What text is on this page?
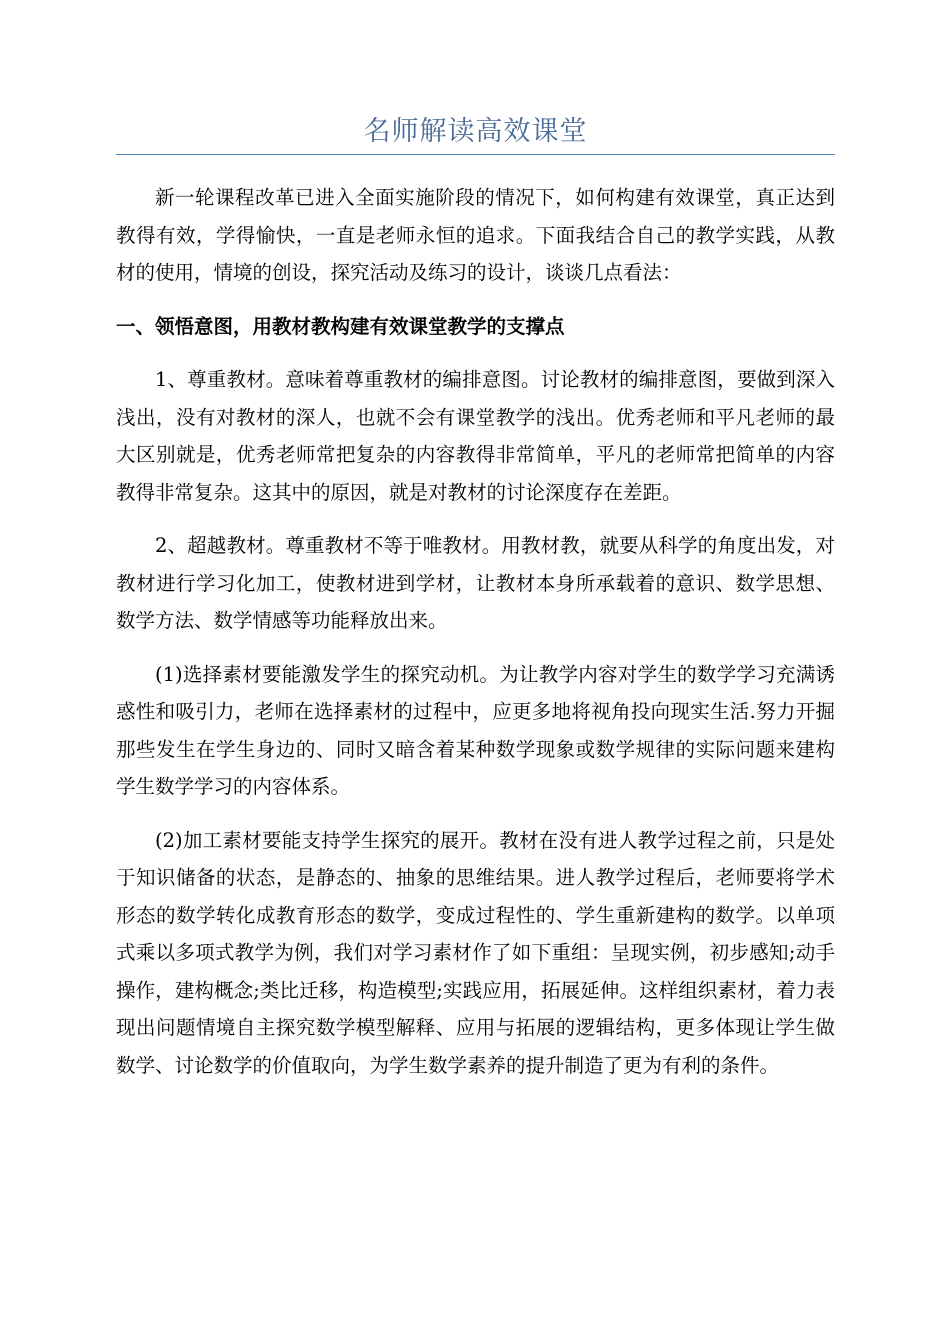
名师解读高效课堂

新一轮课程改革已进入全面实施阶段的情况下，如何构建有效课堂，真正达到教得有效，学得愉快，一直是老师永恒的追求。下面我结合自己的教学实践，从教材的使用，情境的创设，探究活动及练习的设计，谈谈几点看法：

一、领悟意图，用教材教构建有效课堂教学的支撑点

1、尊重教材。意味着尊重教材的编排意图。讨论教材的编排意图，要做到深入浅出，没有对教材的深人，也就不会有课堂教学的浅出。优秀老师和平凡老师的最大区别就是，优秀老师常把复杂的内容教得非常简单，平凡的老师常把简单的内容教得非常复杂。这其中的原因，就是对教材的讨论深度存在差距。

2、超越教材。尊重教材不等于唯教材。用教材教，就要从科学的角度出发，对教材进行学习化加工，使教材进到学材，让教材本身所承载着的意识、数学思想、数学方法、数学情感等功能释放出来。

(1)选择素材要能激发学生的探究动机。为让教学内容对学生的数学学习充满诱惑性和吸引力，老师在选择素材的过程中，应更多地将视角投向现实生活.努力开掘那些发生在学生身边的、同时又暗含着某种数学现象或数学规律的实际问题来建构学生数学学习的内容体系。

(2)加工素材要能支持学生探究的展开。教材在没有进人教学过程之前，只是处于知识储备的状态，是静态的、抽象的思维结果。进人教学过程后，老师要将学术形态的数学转化成教育形态的数学，变成过程性的、学生重新建构的数学。以单项式乘以多项式教学为例，我们对学习素材作了如下重组：呈现实例，初步感知;动手操作，建构概念;类比迁移，构造模型;实践应用，拓展延伸。这样组织素材，着力表现出问题情境自主探究数学模型解释、应用与拓展的逻辑结构，更多体现让学生做数学、讨论数学的价值取向，为学生数学素养的提升制造了更为有利的条件。
